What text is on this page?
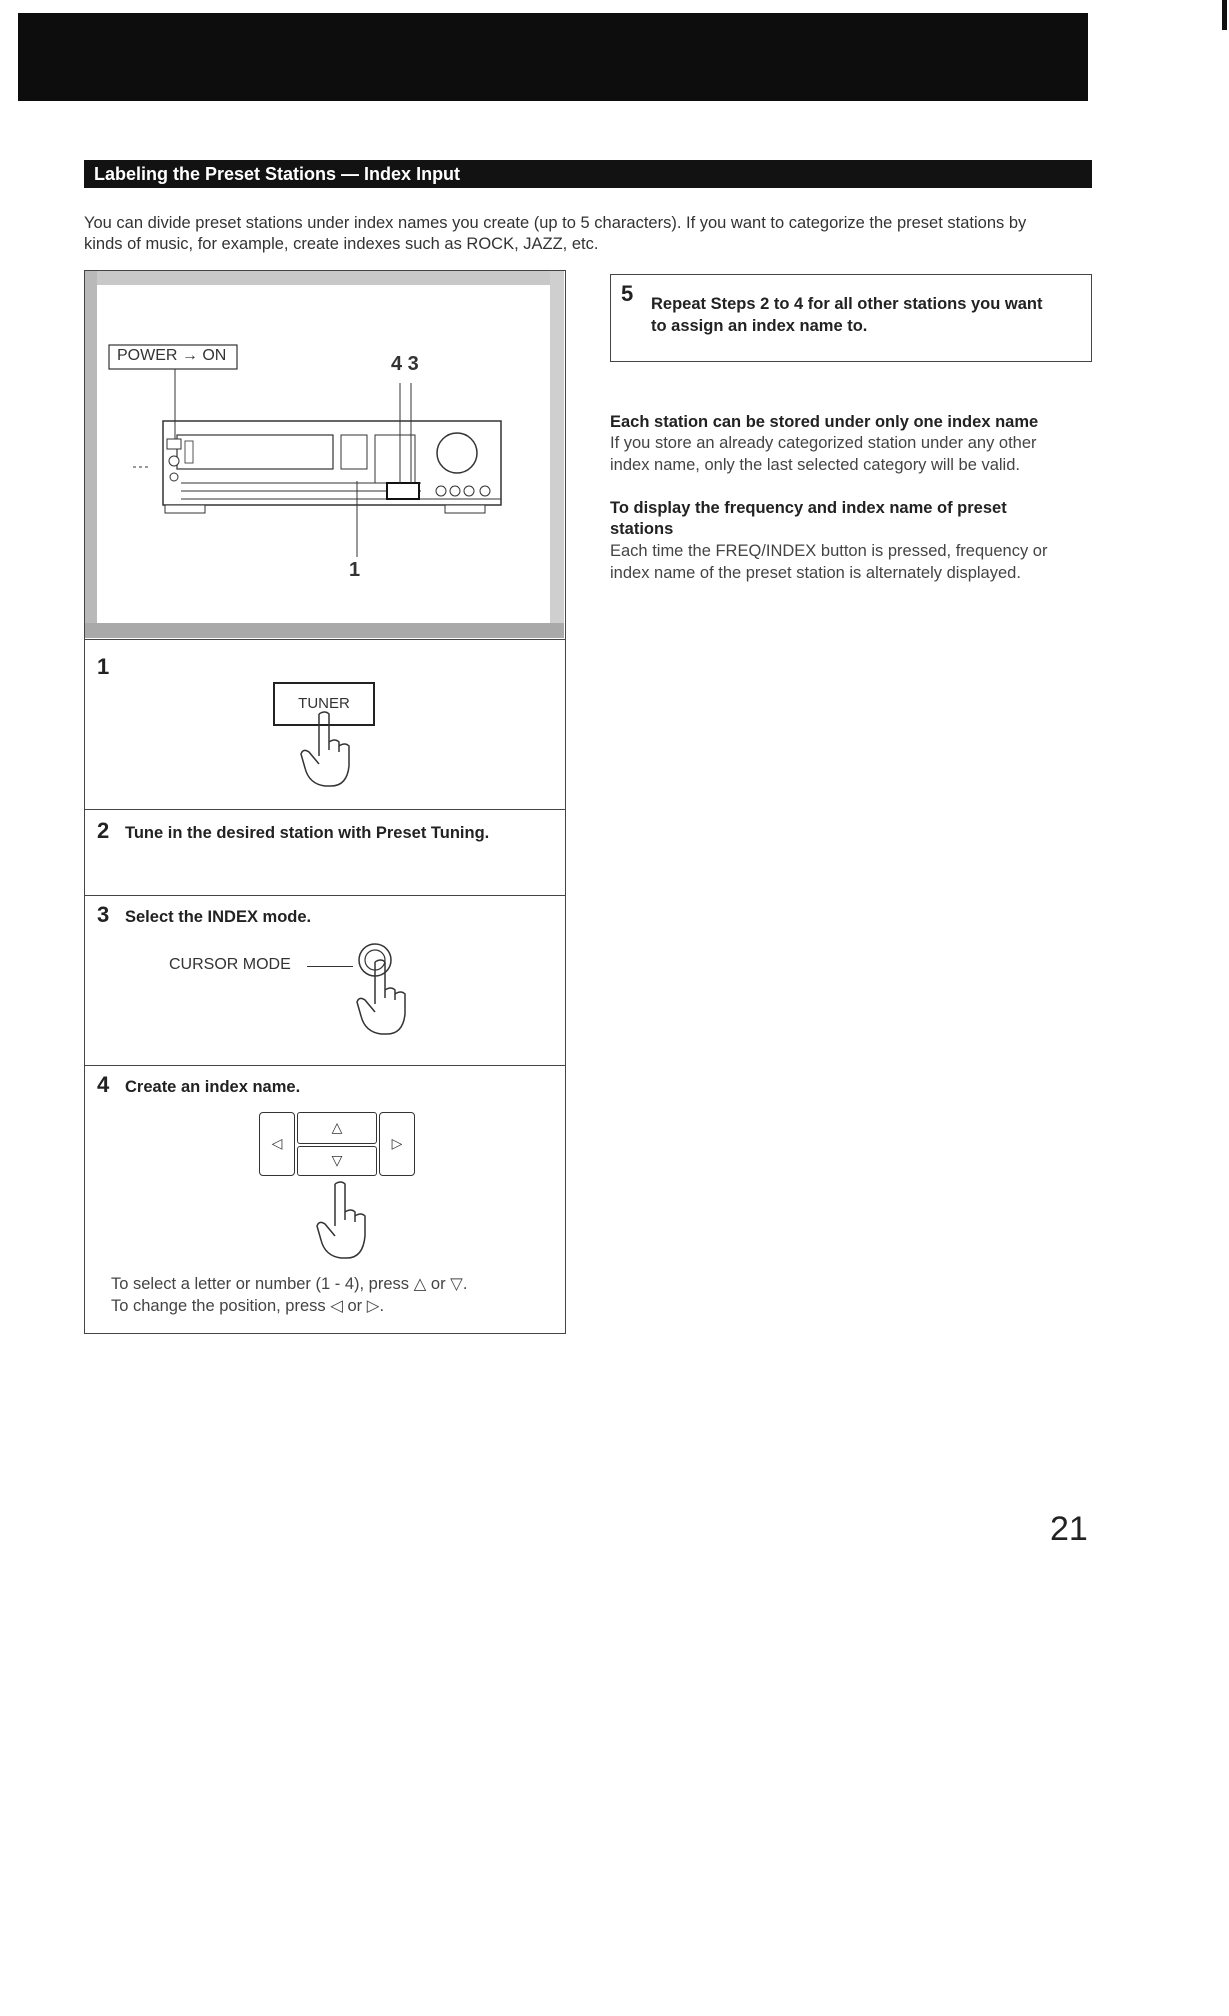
Labeling the Preset Stations — Index Input
You can divide preset stations under index names you create (up to 5 characters). If you want to categorize the preset stations by kinds of music, for example, create indexes such as ROCK, JAZZ, etc.
POWER → ON	4 3
1
1
TUNER
2 Tune in the desired station with Preset Tuning.
3 Select the INDEX mode.
CURSOR MODE
4 Create an index name.
◁
△
▽
▷
To select a letter or number (1 - 4), press △ or ▽.
To change the position, press ◁ or ▷.
5 Repeat Steps 2 to 4 for all other stations you want
to assign an index name to.
Each station can be stored under only one index name
If you store an already categorized station under any other
index name, only the last selected category will be valid.
To display the frequency and index name of preset
stations
Each time the FREQ/INDEX button is pressed, frequency or
index name of the preset station is alternately displayed.
21
